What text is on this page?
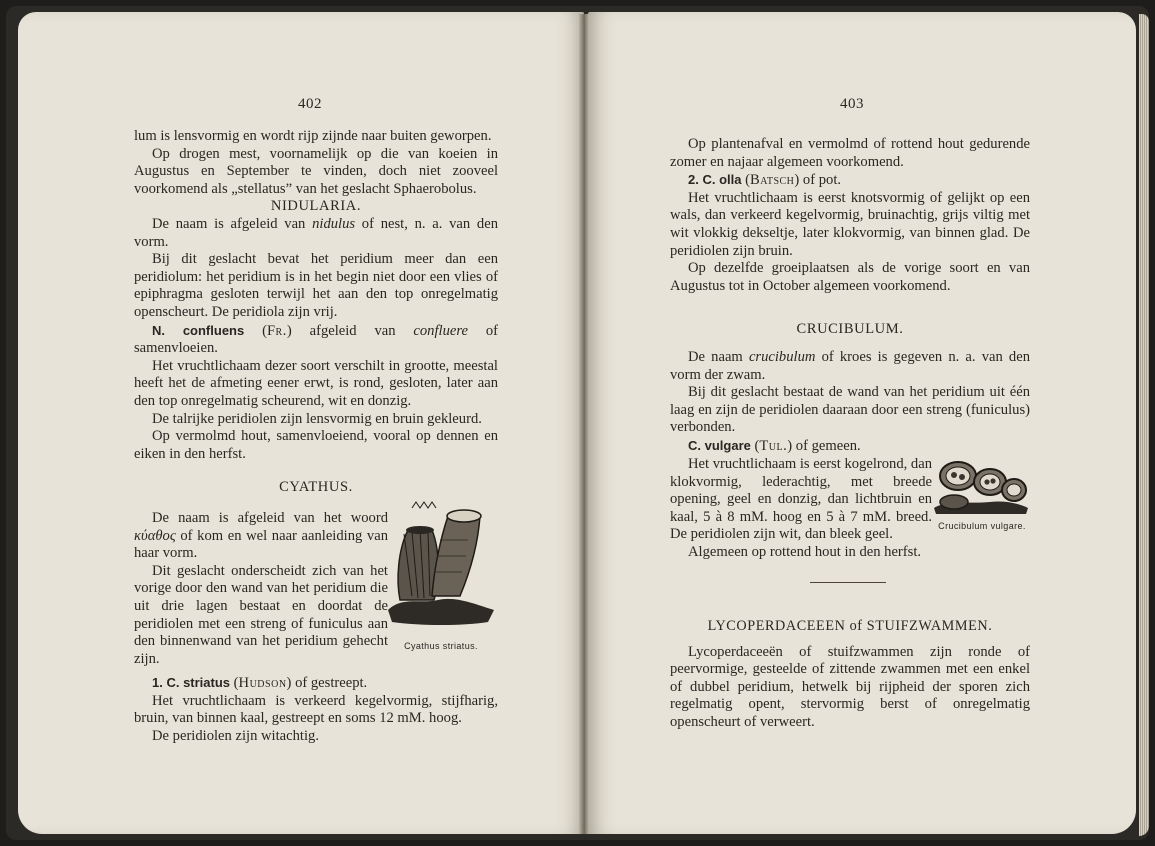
402

lum is lensvormig en wordt rijp zijnde naar buiten geworpen.

Op drogen mest, voornamelijk op die van koeien in Augustus en September te vinden, doch niet zooveel voorkomend als „stellatus” van het geslacht Sphaerobolus.

NIDULARIA.

De naam is afgeleid van nidulus of nest, n. a. van den vorm.

Bij dit geslacht bevat het peridium meer dan een peridiolum: het peridium is in het begin niet door een vlies of epiphragma gesloten terwijl het aan den top onregelmatig openscheurt. De peridiola zijn vrij.

N. confluens (Fr.) afgeleid van confluere of samenvloeien.

Het vruchtlichaam dezer soort verschilt in grootte, meestal heeft het de afmeting eener erwt, is rond, gesloten, later aan den top onregelmatig scheurend, wit en donzig.

De talrijke peridiolen zijn lensvormig en bruin gekleurd.

Op vermolmd hout, samenvloeiend, vooral op dennen en eiken in den herfst.

CYATHUS.

De naam is afgeleid van het woord κύαθος of kom en wel naar aanleiding van haar vorm.

Dit geslacht onderscheidt zich van het vorige door den wand van het peridium die uit drie lagen bestaat en doordat de peridiolen met een streng of funiculus aan den binnenwand van het peridium gehecht zijn.

Cyathus striatus.

1. C. striatus (Hudson) of gestreept.

Het vruchtlichaam is verkeerd kegelvormig, stijfharig, bruin, van binnen kaal, gestreept en soms 12 mM. hoog.

De peridiolen zijn witachtig.

403

Op plantenafval en vermolmd of rottend hout gedurende zomer en najaar algemeen voorkomend.

2. C. olla (Batsch) of pot.

Het vruchtlichaam is eerst knotsvormig of gelijkt op een wals, dan verkeerd kegelvormig, bruinachtig, grijs viltig met wit vlokkig dekseltje, later klokvormig, van binnen glad. De peridiolen zijn bruin.

Op dezelfde groeiplaatsen als de vorige soort en van Augustus tot in October algemeen voorkomend.

CRUCIBULUM.

De naam crucibulum of kroes is gegeven n. a. van den vorm der zwam.

Bij dit geslacht bestaat de wand van het peridium uit één laag en zijn de peridiolen daaraan door een streng (funiculus) verbonden.

C. vulgare (Tul.) of gemeen.

Het vruchtlichaam is eerst kogelrond, dan klokvormig, lederachtig, met breede opening, geel en donzig, dan lichtbruin en kaal, 5 à 8 mM. hoog en 5 à 7 mM. breed. De peridiolen zijn wit, dan bleek geel.

Algemeen op rottend hout in den herfst.

Crucibulum vulgare.

LYCOPERDACEEEN of STUIFZWAMMEN.

Lycoperdaceeën of stuifzwammen zijn ronde of peervormige, gesteelde of zittende zwammen met een enkel of dubbel peridium, hetwelk bij rijpheid der sporen zich regelmatig opent, stervormig berst of onregelmatig openscheurt of verweert.
